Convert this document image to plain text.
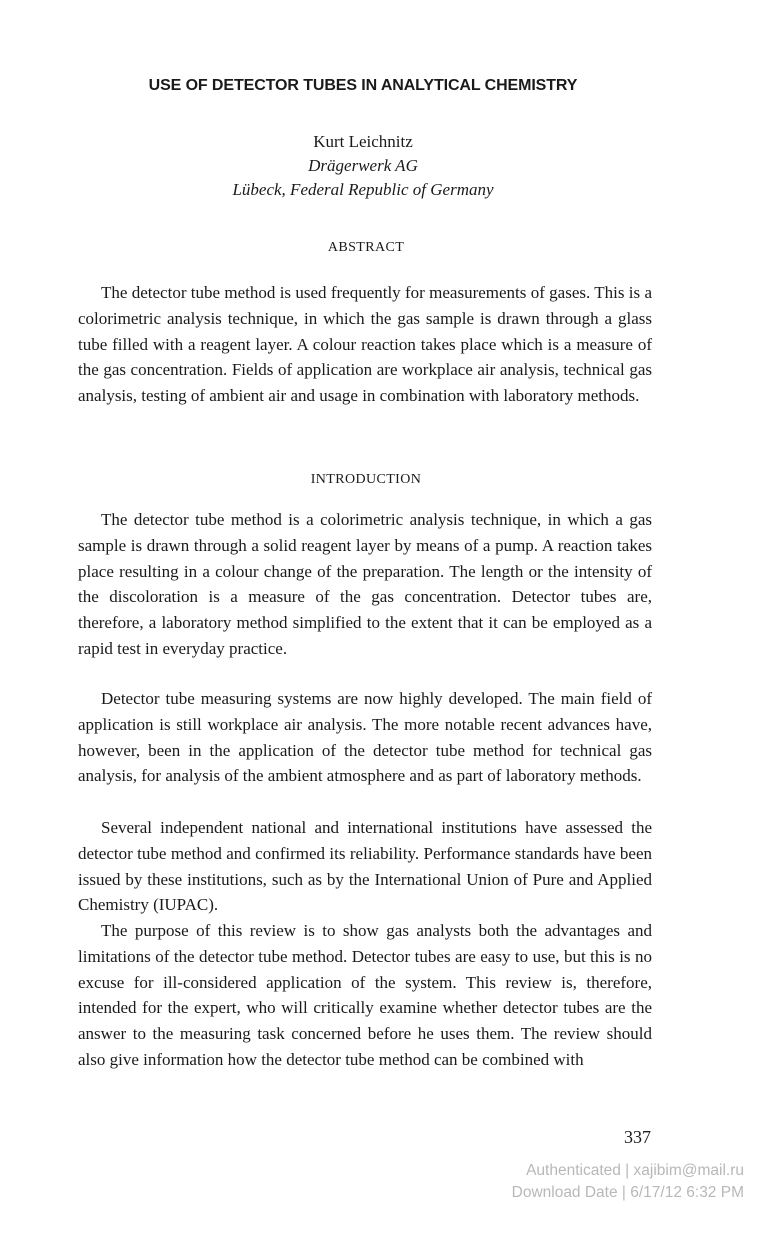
USE OF DETECTOR TUBES IN ANALYTICAL CHEMISTRY
Kurt Leichnitz
Drägerwerk AG
Lübeck, Federal Republic of Germany
ABSTRACT

The detector tube method is used frequently for measurements of gases. This is a colorimetric analysis technique, in which the gas sample is drawn through a glass tube filled with a reagent layer. A colour reaction takes place which is a measure of the gas concentration. Fields of application are workplace air analysis, technical gas analysis, testing of ambient air and usage in combination with laboratory methods.

INTRODUCTION

The detector tube method is a colorimetric analysis technique, in which a gas sample is drawn through a solid reagent layer by means of a pump. A reaction takes place resulting in a colour change of the preparation. The length or the intensity of the discoloration is a measure of the gas concentration. Detector tubes are, therefore, a laboratory method simplified to the extent that it can be employed as a rapid test in everyday practice.

Detector tube measuring systems are now highly developed. The main field of application is still workplace air analysis. The more notable recent advances have, however, been in the application of the detector tube method for technical gas analysis, for analysis of the ambient atmosphere and as part of laboratory methods.

Several independent national and international institutions have assessed the detector tube method and confirmed its reliability. Performance standards have been issued by these institutions, such as by the International Union of Pure and Applied Chemistry (IUPAC).

The purpose of this review is to show gas analysts both the advantages and limitations of the detector tube method. Detector tubes are easy to use, but this is no excuse for ill-considered application of the system. This review is, therefore, intended for the expert, who will critically examine whether detector tubes are the answer to the measuring task concerned before he uses them. The review should also give information how the detector tube method can be combined with

337
Authenticated | xajibim@mail.ru
Download Date | 6/17/12 6:32 PM
